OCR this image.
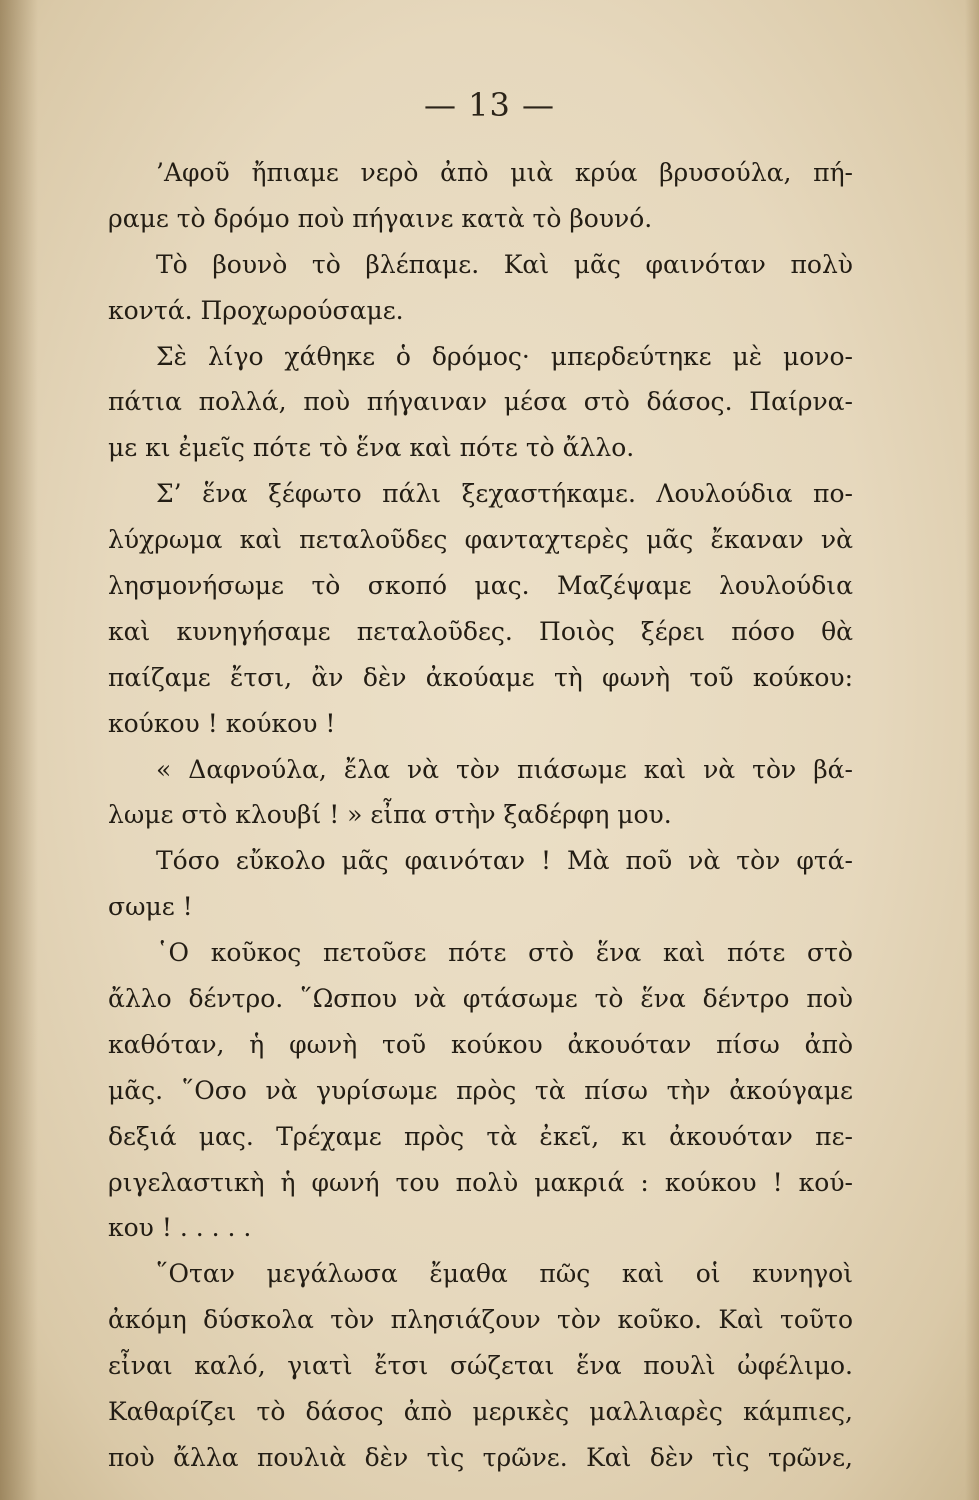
— 13 —
’Αφοῦ ἤπιαμε νερὸ ἀπὸ μιὰ κρύα βρυσούλα, πή-
ραμε τὸ δρόμο ποὺ πήγαινε κατὰ τὸ βουνό.
Τὸ βουνὸ τὸ βλέπαμε. Καὶ μᾶς φαινόταν πολὺ
κοντά. Προχωρούσαμε.
Σὲ λίγο χάθηκε ὁ δρόμος· μπερδεύτηκε μὲ μονο-
πάτια πολλά, ποὺ πήγαιναν μέσα στὸ δάσος. Παίρνα-
με κι ἐμεῖς πότε τὸ ἕνα καὶ πότε τὸ ἄλλο.
Σ’ ἕνα ξέφωτο πάλι ξεχαστήκαμε. Λουλούδια πο-
λύχρωμα καὶ πεταλοῦδες φανταχτερὲς μᾶς ἔκαναν νὰ
λησμονήσωμε τὸ σκοπό μας. Μαζέψαμε λουλούδια
καὶ κυνηγήσαμε πεταλοῦδες. Ποιὸς ξέρει πόσο θὰ
παίζαμε ἔτσι, ἂν δὲν ἀκούαμε τὴ φωνὴ τοῦ κούκου:
κούκου ! κούκου !
« Δαφνούλα, ἔλα νὰ τὸν πιάσωμε καὶ νὰ τὸν βά-
λωμε στὸ κλουβί ! » εἶπα στὴν ξαδέρφη μου.
Τόσο εὔκολο μᾶς φαινόταν ! Μὰ ποῦ νὰ τὸν φτά-
σωμε !
῾Ο κοῦκος πετοῦσε πότε στὸ ἕνα καὶ πότε στὸ
ἄλλο δέντρο. ῞Ωσπου νὰ φτάσωμε τὸ ἕνα δέντρο ποὺ
καθόταν, ἡ φωνὴ τοῦ κούκου ἀκουόταν πίσω ἀπὸ
μᾶς. ῞Οσο νὰ γυρίσωμε πρὸς τὰ πίσω τὴν ἀκούγαμε
δεξιά μας. Τρέχαμε πρὸς τὰ ἐκεῖ, κι ἀκουόταν πε-
ριγελαστικὴ ἡ φωνή του πολὺ μακριά : κούκου ! κού-
κου ! . . . . .
῞Οταν μεγάλωσα ἔμαθα πῶς καὶ οἱ κυνηγοὶ
ἀκόμη δύσκολα τὸν πλησιάζουν τὸν κοῦκο. Καὶ τοῦτο
εἶναι καλό, γιατὶ ἔτσι σώζεται ἕνα πουλὶ ὠφέλιμο.
Καθαρίζει τὸ δάσος ἀπὸ μερικὲς μαλλιαρὲς κάμπιες,
ποὺ ἄλλα πουλιὰ δὲν τὶς τρῶνε. Καὶ δὲν τὶς τρῶνε,
